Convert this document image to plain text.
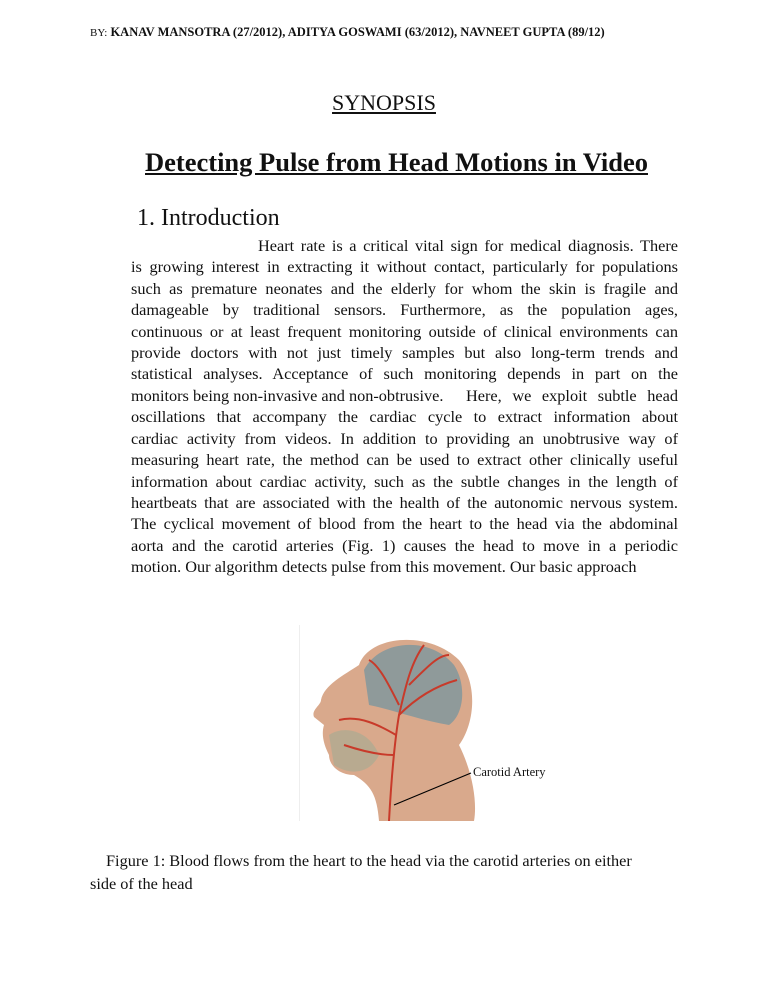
BY: KANAV MANSOTRA (27/2012), ADITYA GOSWAMI (63/2012), NAVNEET GUPTA (89/12)
SYNOPSIS
Detecting Pulse from Head Motions in Video
1. Introduction
Heart rate is a critical vital sign for medical diagnosis. There
is growing interest in extracting it without contact, particularly for populations
such as premature neonates and the elderly for whom the skin is fragile and
damageable by traditional sensors. Furthermore, as the population ages,
continuous or at least frequent monitoring outside of clinical environments can
provide doctors with not just timely samples but also long-term trends and
statistical analyses. Acceptance of such monitoring depends in part on the
monitors being non-invasive and non-obtrusive.	Here, we exploit subtle head
oscillations that accompany the cardiac cycle to extract information about
cardiac activity from videos. In addition to providing an unobtrusive way of
measuring heart rate, the method can be used to extract other clinically useful
information about cardiac activity, such as the subtle changes in the length of
heartbeats that are associated with the health of the autonomic nervous system.
The cyclical movement of blood from the heart to the head via the abdominal
aorta and the carotid arteries (Fig. 1) causes the head to move in a periodic
motion. Our algorithm detects pulse from this movement. Our basic approach
Carotid Artery
Figure 1: Blood flows from the heart to the head via the carotid arteries on either
side of the head
